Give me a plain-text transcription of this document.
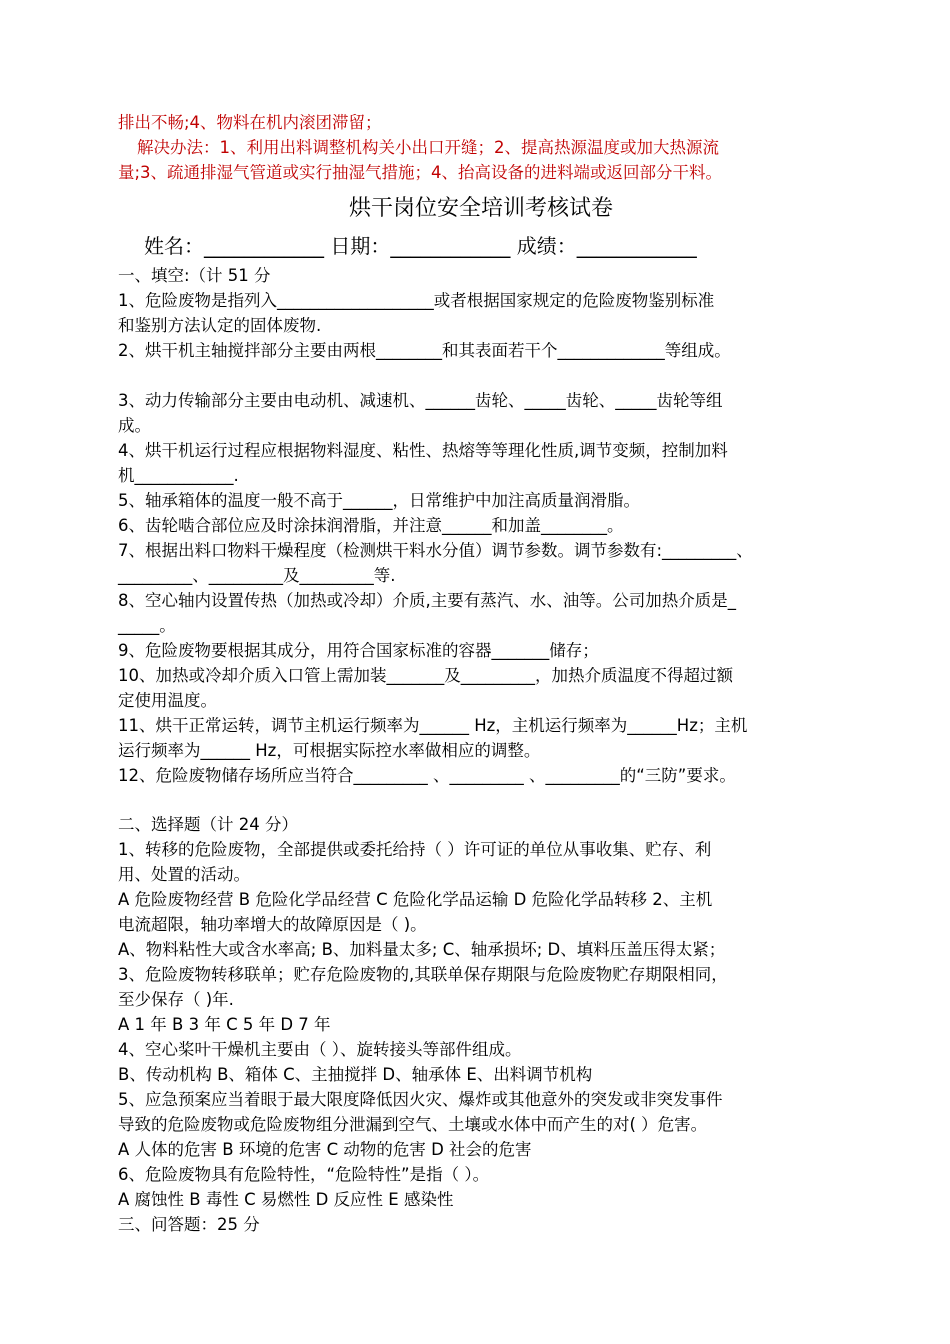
排出不畅;4、物料在机内滚团滞留；
解决办法：1、利用出料调整机构关小出口开缝；2、提高热源温度或加大热源流
量;3、疏通排湿气管道或实行抽湿气措施；4、抬高设备的进料端或返回部分干料。
烘干岗位安全培训考核试卷
姓名：____________ 日期：____________ 成绩：____________
一、填空:（计 51 分
1、危险废物是指列入___________________或者根据国家规定的危险废物鉴别标准
和鉴别方法认定的固体废物.
2、烘干机主轴搅拌部分主要由两根________和其表面若干个_____________等组成。
3、动力传输部分主要由电动机、减速机、______齿轮、_____齿轮、_____齿轮等组
成。
4、烘干机运行过程应根据物料湿度、粘性、热熔等等理化性质,调节变频，控制加料
机____________.
5、轴承箱体的温度一般不高于______，日常维护中加注高质量润滑脂。
6、齿轮啮合部位应及时涂抹润滑脂，并注意______和加盖________。
7、根据出料口物料干燥程度（检测烘干料水分值）调节参数。调节参数有:_________、
_________、_________及_________等.
8、空心轴内设置传热（加热或冷却）介质,主要有蒸汽、水、油等。公司加热介质是_
_____。
9、危险废物要根据其成分，用符合国家标准的容器_______储存；
10、加热或冷却介质入口管上需加装_______及_________，加热介质温度不得超过额
定使用温度。
11、烘干正常运转，调节主机运行频率为______ Hz，主机运行频率为______Hz；主机
运行频率为______ Hz，可根据实际控水率做相应的调整。
12、危险废物储存场所应当符合_________ 、_________ 、_________的“三防”要求。
二、选择题（计 24 分）
1、转移的危险废物，全部提供或委托给持（ ）许可证的单位从事收集、贮存、利
用、处置的活动。
A 危险废物经营 B 危险化学品经营 C 危险化学品运输 D 危险化学品转移 2、主机
电流超限，轴功率增大的故障原因是（ )。
A、物料粘性大或含水率高; B、加料量太多; C、轴承损坏; D、填料压盖压得太紧；
3、危险废物转移联单；贮存危险废物的,其联单保存期限与危险废物贮存期限相同，
至少保存（ )年.
A 1 年 B 3 年 C 5 年 D 7 年
4、空心桨叶干燥机主要由（ ）、旋转接头等部件组成。
B、传动机构 B、箱体 C、主抽搅拌 D、轴承体 E、出料调节机构
5、应急预案应当着眼于最大限度降低因火灾、爆炸或其他意外的突发或非突发事件
导致的危险废物或危险废物组分泄漏到空气、土壤或水体中而产生的对( ）危害。
A 人体的危害 B 环境的危害 C 动物的危害 D 社会的危害
6、危险废物具有危险特性，“危险特性”是指（ ）。
A 腐蚀性 B 毒性 C 易燃性 D 反应性 E 感染性
三、问答题：25 分
